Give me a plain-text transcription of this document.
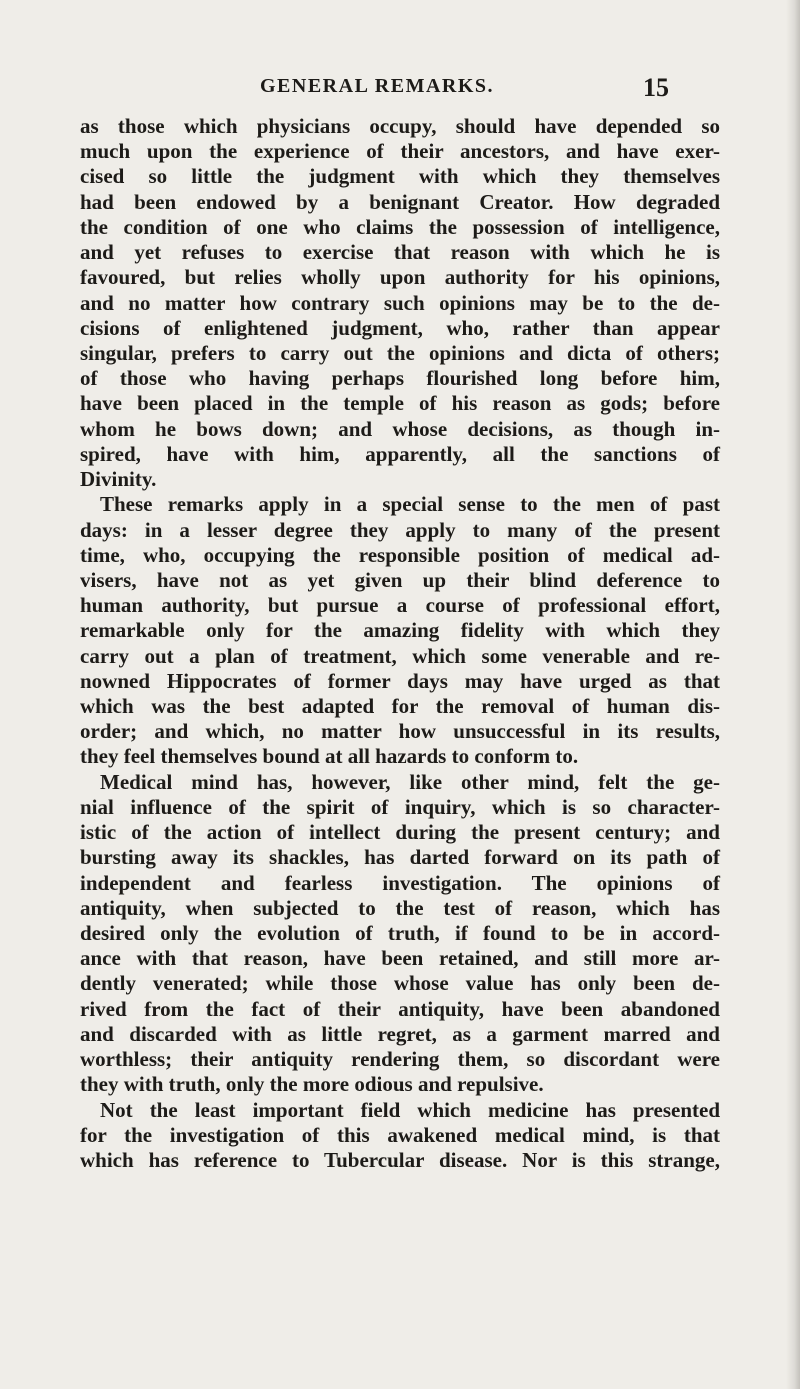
GENERAL REMARKS.	15
as those which physicians occupy, should have depended so
much upon the experience of their ancestors, and have exer-
cised so little the judgment with which they themselves
had been endowed by a benignant Creator. How degraded
the condition of one who claims the possession of intelligence,
and yet refuses to exercise that reason with which he is
favoured, but relies wholly upon authority for his opinions,
and no matter how contrary such opinions may be to the de-
cisions of enlightened judgment, who, rather than appear
singular, prefers to carry out the opinions and dicta of others;
of those who having perhaps flourished long before him,
have been placed in the temple of his reason as gods; before
whom he bows down; and whose decisions, as though in-
spired, have with him, apparently, all the sanctions of
Divinity.
These remarks apply in a special sense to the men of past
days: in a lesser degree they apply to many of the present
time, who, occupying the responsible position of medical ad-
visers, have not as yet given up their blind deference to
human authority, but pursue a course of professional effort,
remarkable only for the amazing fidelity with which they
carry out a plan of treatment, which some venerable and re-
nowned Hippocrates of former days may have urged as that
which was the best adapted for the removal of human dis-
order; and which, no matter how unsuccessful in its results,
they feel themselves bound at all hazards to conform to.
Medical mind has, however, like other mind, felt the ge-
nial influence of the spirit of inquiry, which is so character-
istic of the action of intellect during the present century; and
bursting away its shackles, has darted forward on its path of
independent and fearless investigation. The opinions of
antiquity, when subjected to the test of reason, which has
desired only the evolution of truth, if found to be in accord-
ance with that reason, have been retained, and still more ar-
dently venerated; while those whose value has only been de-
rived from the fact of their antiquity, have been abandoned
and discarded with as little regret, as a garment marred and
worthless; their antiquity rendering them, so discordant were
they with truth, only the more odious and repulsive.
Not the least important field which medicine has presented
for the investigation of this awakened medical mind, is that
which has reference to Tubercular disease. Nor is this strange,
